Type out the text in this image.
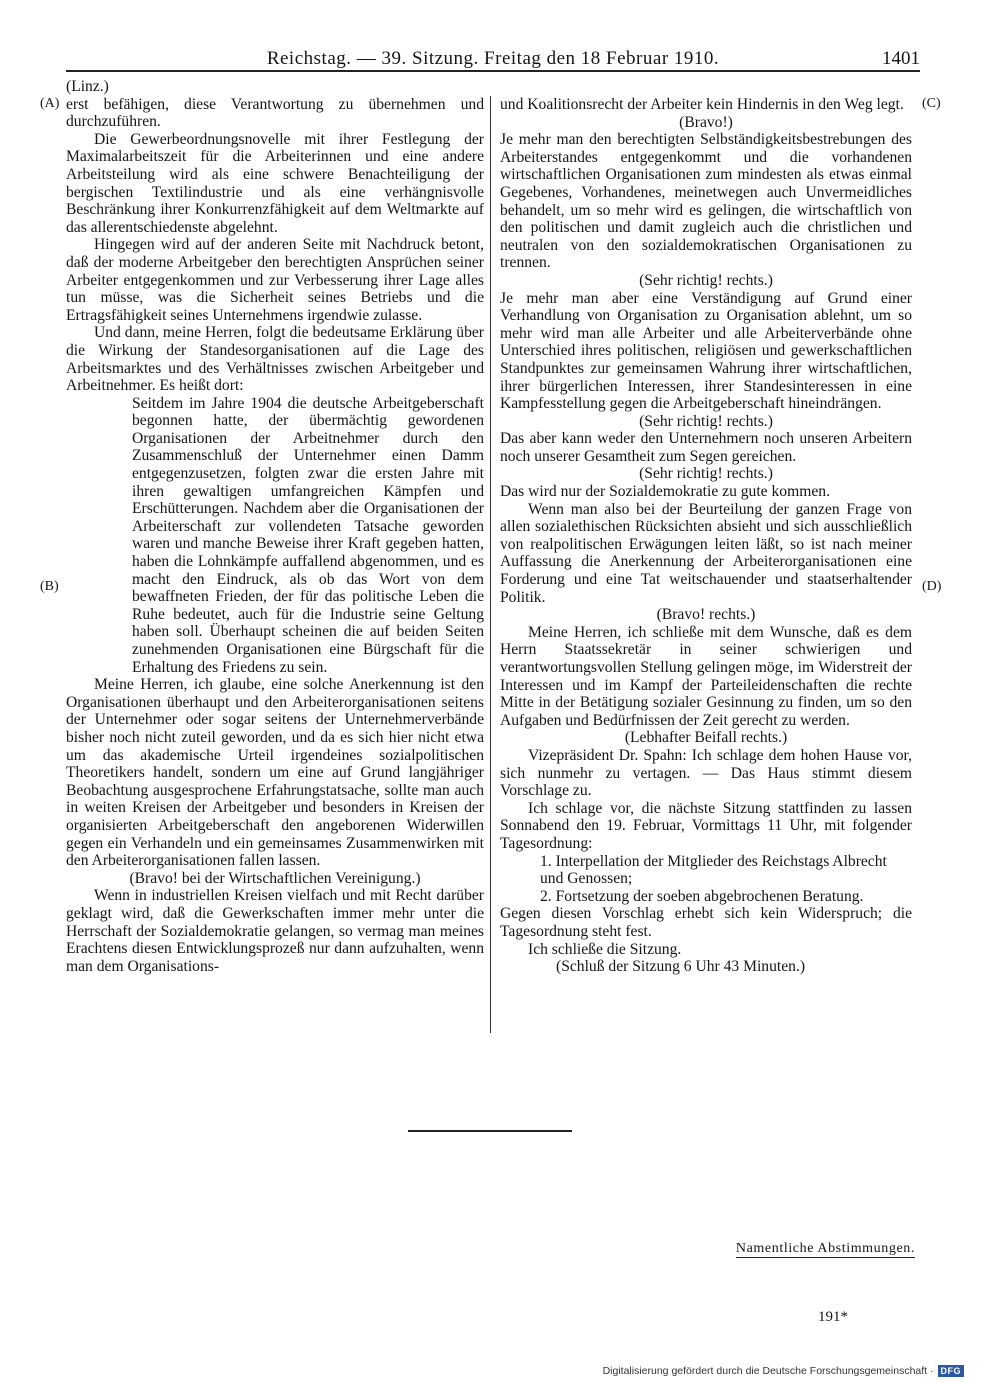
Reichstag. — 39. Sitzung. Freitag den 18 Februar 1910.	1401
(A)
(B)
(C)
(D)

(Linz.)

erst befähigen, diese Verantwortung zu übernehmen und durchzuführen.

Die Gewerbeordnungsnovelle mit ihrer Festlegung der Maximalarbeitszeit für die Arbeiterinnen und eine andere Arbeitsteilung wird als eine schwere Benachteiligung der bergischen Textilindustrie und als eine verhängnisvolle Beschränkung ihrer Konkurrenzfähigkeit auf dem Weltmarkte auf das allerentschiedenste abgelehnt.

Hingegen wird auf der anderen Seite mit Nachdruck betont, daß der moderne Arbeitgeber den berechtigten Ansprüchen seiner Arbeiter entgegenkommen und zur Verbesserung ihrer Lage alles tun müsse, was die Sicherheit seines Betriebs und die Ertragsfähigkeit seines Unternehmens irgendwie zulasse.

Und dann, meine Herren, folgt die bedeutsame Erklärung über die Wirkung der Standesorganisationen auf die Lage des Arbeitsmarktes und des Verhältnisses zwischen Arbeitgeber und Arbeitnehmer. Es heißt dort:

Seitdem im Jahre 1904 die deutsche Arbeitgeberschaft begonnen hatte, der übermächtig gewordenen Organisationen der Arbeitnehmer durch den Zusammenschluß der Unternehmer einen Damm entgegenzusetzen, folgten zwar die ersten Jahre mit ihren gewaltigen umfangreichen Kämpfen und Erschütterungen. Nachdem aber die Organisationen der Arbeiterschaft zur vollendeten Tatsache geworden waren und manche Beweise ihrer Kraft gegeben hatten, haben die Lohnkämpfe auffallend abgenommen, und es macht den Eindruck, als ob das Wort von dem bewaffneten Frieden, der für das politische Leben die Ruhe bedeutet, auch für die Industrie seine Geltung haben soll. Überhaupt scheinen die auf beiden Seiten zunehmenden Organisationen eine Bürgschaft für die Erhaltung des Friedens zu sein.

Meine Herren, ich glaube, eine solche Anerkennung ist den Organisationen überhaupt und den Arbeiterorganisationen seitens der Unternehmer oder sogar seitens der Unternehmerverbände bisher noch nicht zuteil geworden, und da es sich hier nicht etwa um das akademische Urteil irgendeines sozialpolitischen Theoretikers handelt, sondern um eine auf Grund langjähriger Beobachtung ausgesprochene Erfahrungstatsache, sollte man auch in weiten Kreisen der Arbeitgeber und besonders in Kreisen der organisierten Arbeitgeberschaft den angeborenen Widerwillen gegen ein Verhandeln und ein gemeinsames Zusammenwirken mit den Arbeiterorganisationen fallen lassen.

(Bravo! bei der Wirtschaftlichen Vereinigung.)

Wenn in industriellen Kreisen vielfach und mit Recht darüber geklagt wird, daß die Gewerkschaften immer mehr unter die Herrschaft der Sozialdemokratie gelangen, so vermag man meines Erachtens diesen Entwicklungsprozeß nur dann aufzuhalten, wenn man dem Organisations-

und Koalitionsrecht der Arbeiter kein Hindernis in den Weg legt.

(Bravo!)

Je mehr man den berechtigten Selbständigkeitsbestrebungen des Arbeiterstandes entgegenkommt und die vorhandenen wirtschaftlichen Organisationen zum mindesten als etwas einmal Gegebenes, Vorhandenes, meinetwegen auch Unvermeidliches behandelt, um so mehr wird es gelingen, die wirtschaftlich von den politischen und damit zugleich auch die christlichen und neutralen von den sozialdemokratischen Organisationen zu trennen.

(Sehr richtig! rechts.)

Je mehr man aber eine Verständigung auf Grund einer Verhandlung von Organisation zu Organisation ablehnt, um so mehr wird man alle Arbeiter und alle Arbeiterverbände ohne Unterschied ihres politischen, religiösen und gewerkschaftlichen Standpunktes zur gemeinsamen Wahrung ihrer wirtschaftlichen, ihrer bürgerlichen Interessen, ihrer Standesinteressen in eine Kampfesstellung gegen die Arbeitgeberschaft hineindrängen.

(Sehr richtig! rechts.)

Das aber kann weder den Unternehmern noch unseren Arbeitern noch unserer Gesamtheit zum Segen gereichen.

(Sehr richtig! rechts.)

Das wird nur der Sozialdemokratie zu gute kommen.

Wenn man also bei der Beurteilung der ganzen Frage von allen sozialethischen Rücksichten absieht und sich ausschließlich von realpolitischen Erwägungen leiten läßt, so ist nach meiner Auffassung die Anerkennung der Arbeiterorganisationen eine Forderung und eine Tat weitschauender und staatserhaltender Politik.

(Bravo! rechts.)

Meine Herren, ich schließe mit dem Wunsche, daß es dem Herrn Staatssekretär in seiner schwierigen und verantwortungsvollen Stellung gelingen möge, im Widerstreit der Interessen und im Kampf der Parteileidenschaften die rechte Mitte in der Betätigung sozialer Gesinnung zu finden, um so den Aufgaben und Bedürfnissen der Zeit gerecht zu werden.

(Lebhafter Beifall rechts.)

Vizepräsident Dr. Spahn: Ich schlage dem hohen Hause vor, sich nunmehr zu vertagen. — Das Haus stimmt diesem Vorschlage zu.

Ich schlage vor, die nächste Sitzung stattfinden zu lassen Sonnabend den 19. Februar, Vormittags 11 Uhr, mit folgender Tagesordnung:

1. Interpellation der Mitglieder des Reichstags Albrecht und Genossen;

2. Fortsetzung der soeben abgebrochenen Beratung.

Gegen diesen Vorschlag erhebt sich kein Widerspruch; die Tagesordnung steht fest.

Ich schließe die Sitzung.

(Schluß der Sitzung 6 Uhr 43 Minuten.)

Namentliche Abstimmungen.
191*
Digitalisierung gefördert durch die Deutsche Forschungsgemeinschaft · DFG
